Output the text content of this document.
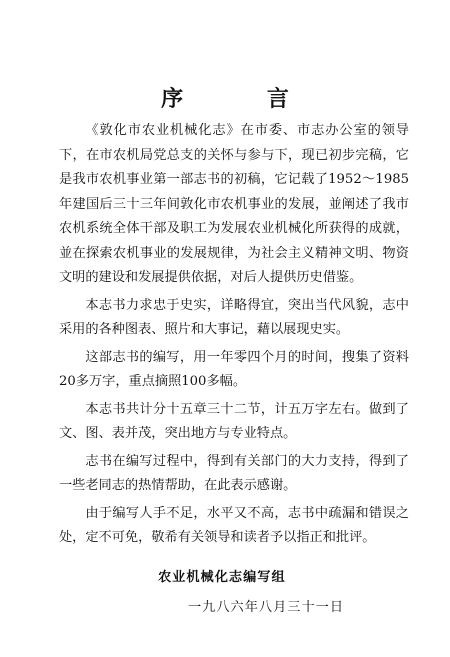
序 言

《敦化市农业机械化志》在市委、市志办公室的领导下，在市农机局党总支的关怀与参与下，现已初步完稿，它是我市农机事业第一部志书的初稿，它记载了1952～1985年建国后三十三年间敦化市农机事业的发展，並阐述了我市农机系统全体干部及职工为发展农业机械化所获得的成就，並在探索农机事业的发展规律，为社会主义精神文明、物资文明的建设和发展提供依据，对后人提供历史借鉴。

本志书力求忠于史实，详略得宜，突出当代风貌，志中采用的各种图表、照片和大事记，藉以展现史实。

这部志书的编写，用一年零四个月的时间，搜集了资料20多万字，重点摘照100多幅。

本志书共计分十五章三十二节，计五万字左右。做到了文、图、表并茂，突出地方与专业特点。

志书在编写过程中，得到有关部门的大力支持，得到了一些老同志的热情帮助，在此表示感谢。

由于编写人手不足，水平又不高，志书中疏漏和错误之处，定不可免，敬希有关领导和读者予以指正和批评。

农业机械化志编写组
一九八六年八月三十一日
